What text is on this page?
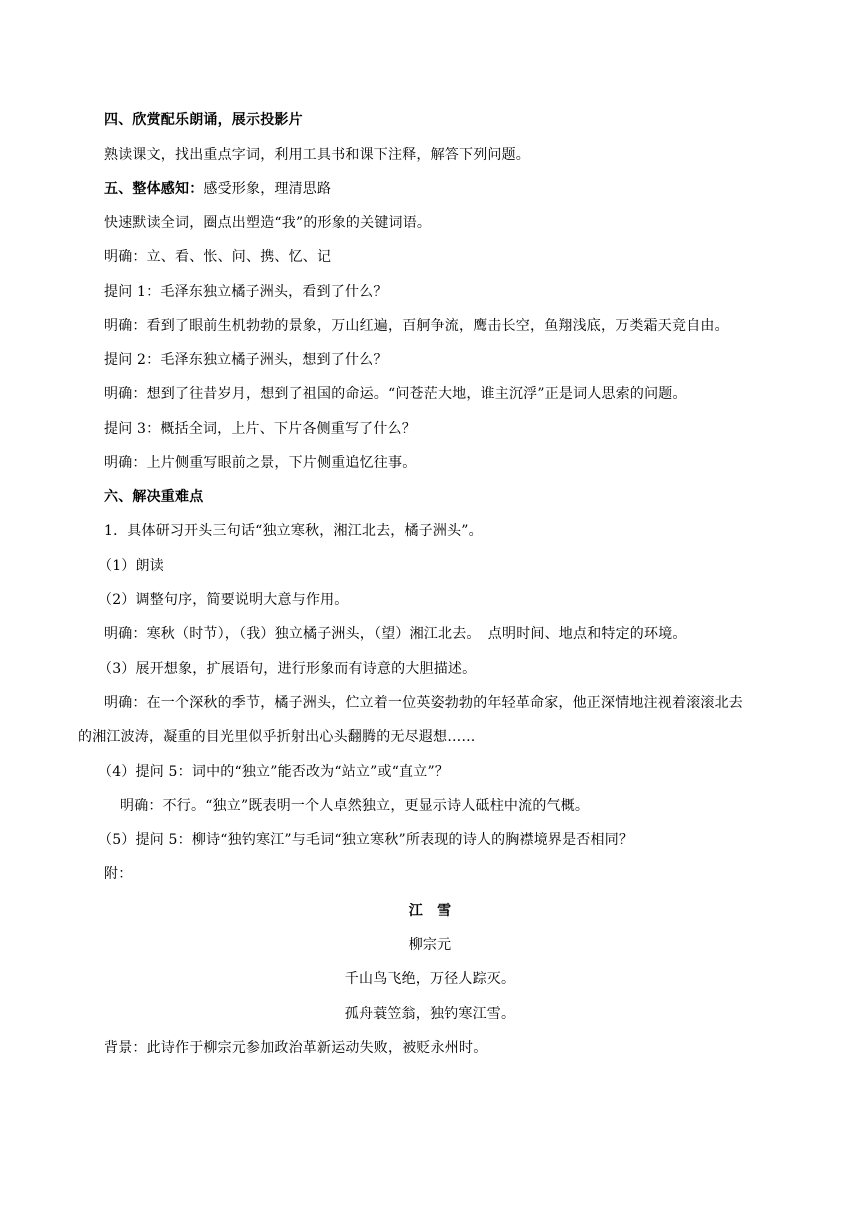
四、欣赏配乐朗诵，展示投影片
熟读课文，找出重点字词，利用工具书和课下注释，解答下列问题。
五、整体感知：感受形象，理清思路
快速默读全词，圈点出塑造“我”的形象的关键词语。
明确：立、看、怅、问、携、忆、记
提问 1：毛泽东独立橘子洲头，看到了什么？
明确：看到了眼前生机勃勃的景象，万山红遍，百舸争流，鹰击长空，鱼翔浅底，万类霜天竞自由。
提问 2：毛泽东独立橘子洲头，想到了什么？
明确：想到了往昔岁月，想到了祖国的命运。“问苍茫大地，谁主沉浮”正是词人思索的问题。
提问 3：概括全词，上片、下片各侧重写了什么？
明确：上片侧重写眼前之景，下片侧重追忆往事。
六、解决重难点
1．具体研习开头三句话“独立寒秋，湘江北去，橘子洲头”。
（1）朗读
（2）调整句序，简要说明大意与作用。
明确：寒秋（时节），（我）独立橘子洲头，（望）湘江北去。　点明时间、地点和特定的环境。
（3）展开想象，扩展语句，进行形象而有诗意的大胆描述。
明确：在一个深秋的季节，橘子洲头，伫立着一位英姿勃勃的年轻革命家，他正深情地注视着滚滚北去
的湘江波涛，凝重的目光里似乎折射出心头翻腾的无尽遐想……
（4）提问 5：词中的“独立”能否改为“站立”或“直立”？
明确：不行。“独立”既表明一个人卓然独立，更显示诗人砥柱中流的气概。
（5）提问 5：柳诗“独钓寒江”与毛词“独立寒秋”所表现的诗人的胸襟境界是否相同？
附：
江　雪
柳宗元
千山鸟飞绝，万径人踪灭。
孤舟蓑笠翁，独钓寒江雪。
背景：此诗作于柳宗元参加政治革新运动失败，被贬永州时。
